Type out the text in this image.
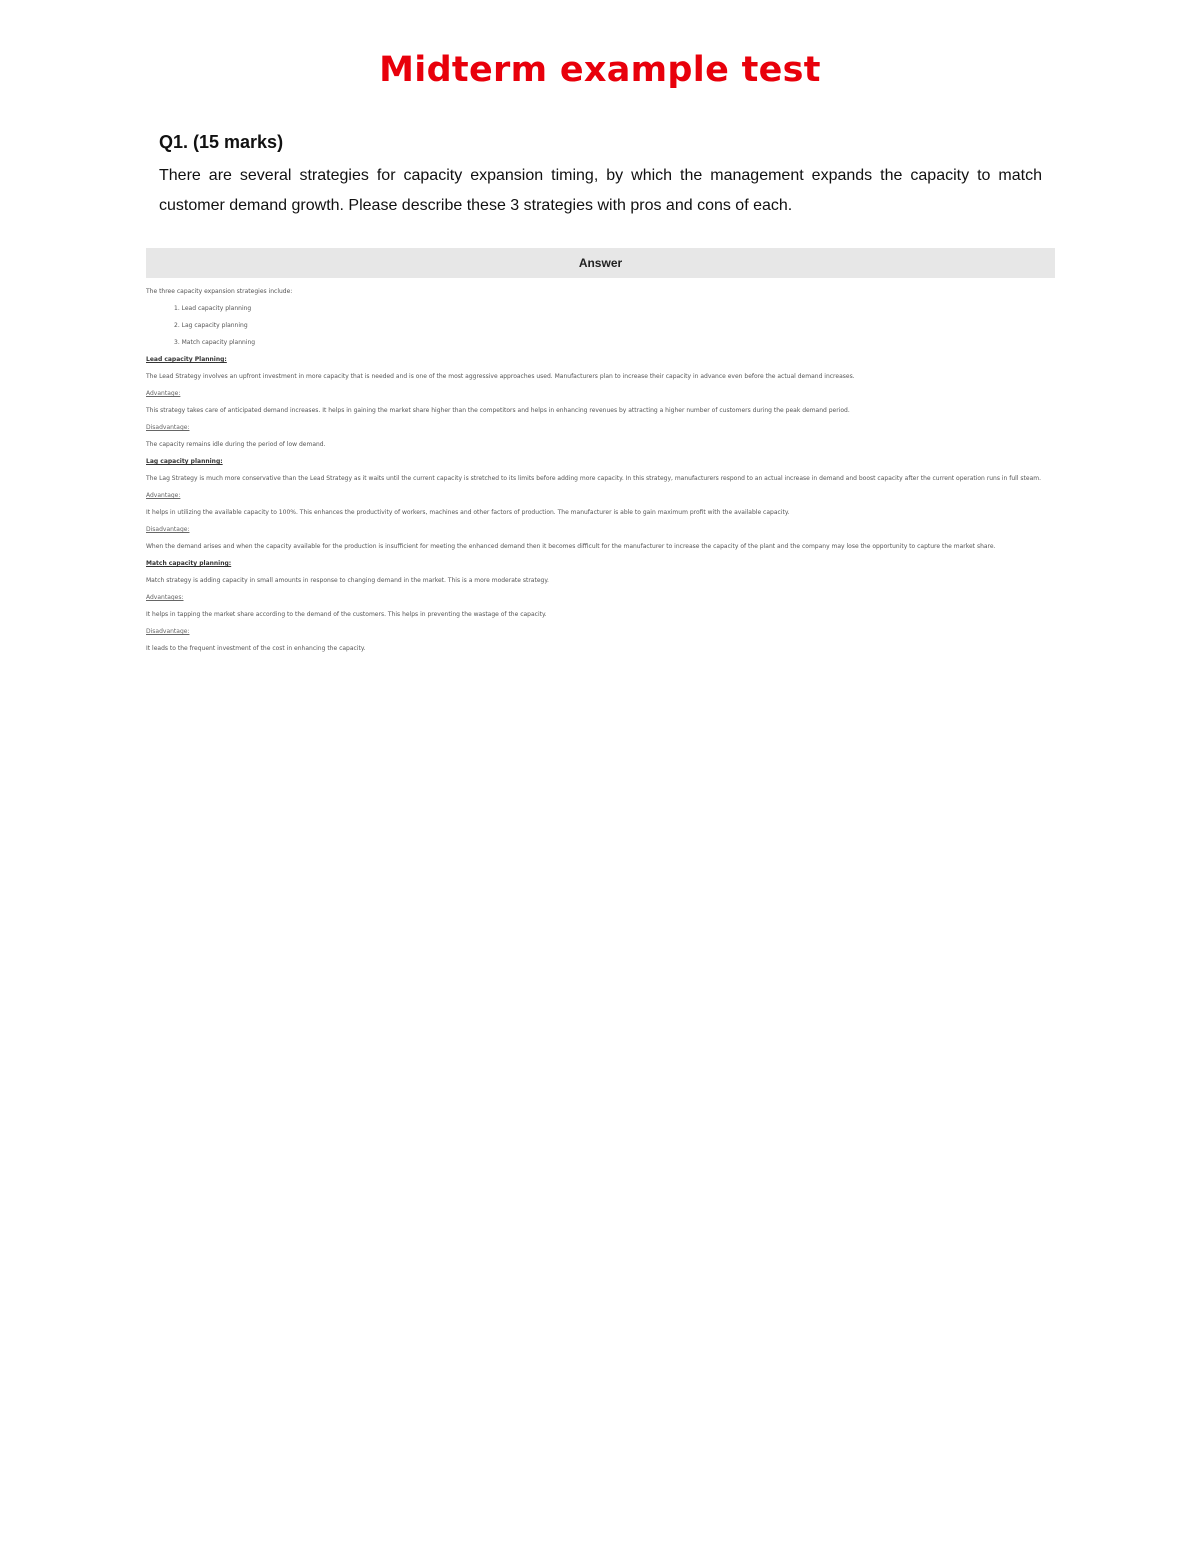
Midterm example test

Q1. (15 marks)

There are several strategies for capacity expansion timing, by which the management expands the capacity to match customer demand growth. Please describe these 3 strategies with pros and cons of each.

Answer

The three capacity expansion strategies include:

1. Lead capacity planning

2. Lag capacity planning

3. Match capacity planning

Lead capacity Planning:

The Lead Strategy involves an upfront investment in more capacity that is needed and is one of the most aggressive approaches used. Manufacturers plan to increase their capacity in advance even before the actual demand increases.

Advantage:

This strategy takes care of anticipated demand increases. It helps in gaining the market share higher than the competitors and helps in enhancing revenues by attracting a higher number of customers during the peak demand period.

Disadvantage:

The capacity remains idle during the period of low demand.

Lag capacity planning:

The Lag Strategy is much more conservative than the Lead Strategy as it waits until the current capacity is stretched to its limits before adding more capacity. In this strategy, manufacturers respond to an actual increase in demand and boost capacity after the current operation runs in full steam.

Advantage:

It helps in utilizing the available capacity to 100%. This enhances the productivity of workers, machines and other factors of production. The manufacturer is able to gain maximum profit with the available capacity.

Disadvantage:

When the demand arises and when the capacity available for the production is insufficient for meeting the enhanced demand then it becomes difficult for the manufacturer to increase the capacity of the plant and the company may lose the opportunity to capture the market share.

Match capacity planning:

Match strategy is adding capacity in small amounts in response to changing demand in the market. This is a more moderate strategy.

Advantages:

It helps in tapping the market share according to the demand of the customers. This helps in preventing the wastage of the capacity.

Disadvantage:

It leads to the frequent investment of the cost in enhancing the capacity.
